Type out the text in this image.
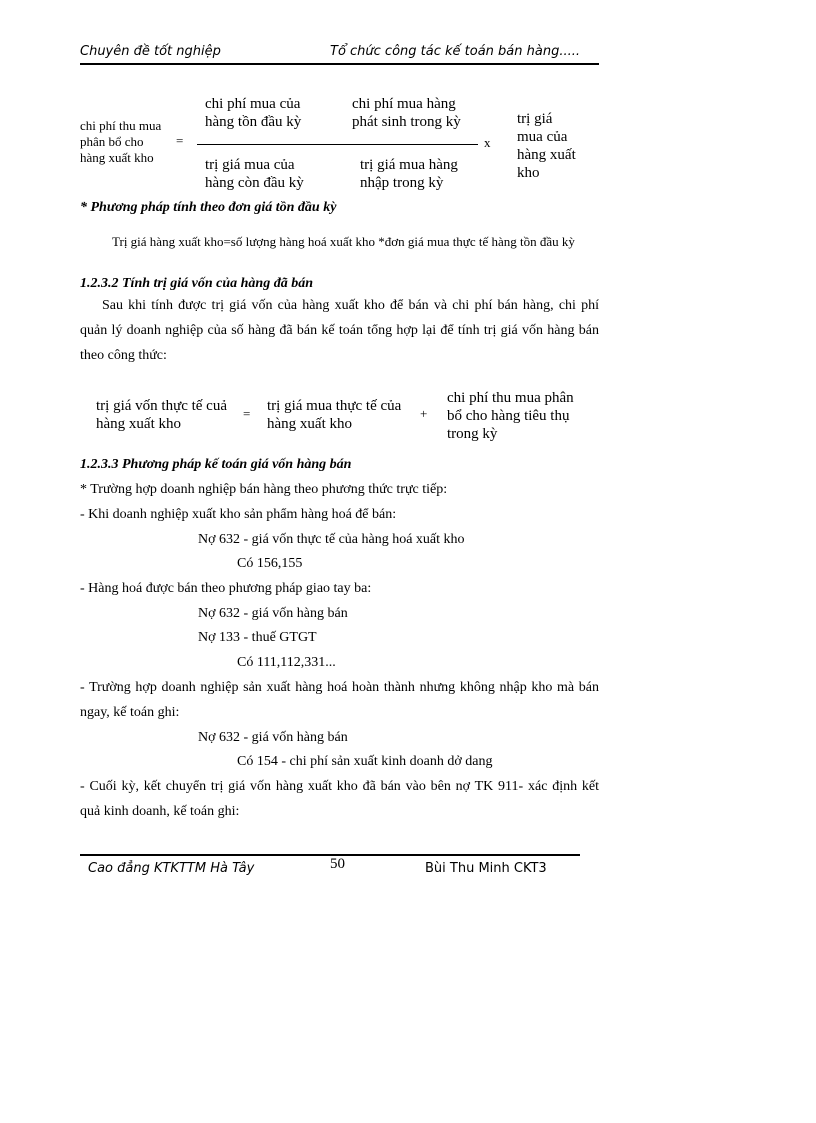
Chuyên đề tốt nghiệp	Tổ chức công tác kế toán bán hàng.....
chi phí thu mua
phân bổ cho
hàng xuất kho
=
chi phí mua của
hàng tồn đầu kỳ
chi phí mua hàng
phát sinh trong kỳ
x
trị giá mua của
hàng còn đầu kỳ
trị giá mua hàng
nhập trong kỳ
trị giá
mua của
hàng xuất
kho
* Phương pháp tính theo đơn giá tồn đầu kỳ
Trị giá hàng xuất kho=số lượng hàng hoá xuất kho *đơn giá mua thực tế hàng tồn đầu kỳ
1.2.3.2 Tính trị giá vốn của hàng đã bán
Sau khi tính được trị giá vốn của hàng xuất kho để bán và chi phí bán hàng, chi phí
quản lý doanh nghiệp của số hàng đã bán kế toán tổng hợp lại để tính trị giá vốn hàng bán
theo công thức:
trị giá vốn thực tế cuả
hàng xuất kho
= trị giá mua thực tế của
hàng xuất kho
+
chi phí thu mua phân
bổ cho hàng tiêu thụ
trong kỳ
1.2.3.3 Phương pháp kế toán giá vốn hàng bán
* Trường hợp doanh nghiệp bán hàng theo phương thức trực tiếp:
- Khi doanh nghiệp xuất kho sản phẩm hàng hoá để bán:
Nợ 632 - giá vốn thực tế của hàng hoá xuất kho
Có 156,155
- Hàng hoá được bán theo phương pháp giao tay ba:
Nợ 632 - giá vốn hàng bán
Nợ 133 - thuế GTGT
Có 111,112,331...
- Trường hợp doanh nghiệp sản xuất hàng hoá hoàn thành nhưng không nhập kho mà bán
ngay, kế toán ghi:
Nợ 632 - giá vốn hàng bán
Có 154 - chi phí sản xuất kinh doanh dở dang
- Cuối kỳ, kết chuyển trị giá vốn hàng xuất kho đã bán vào bên nợ TK 911- xác định kết
quả kinh doanh, kế toán ghi:
Cao đẳng KTKTTM Hà Tây	50	Bùi Thu Minh CKT3
